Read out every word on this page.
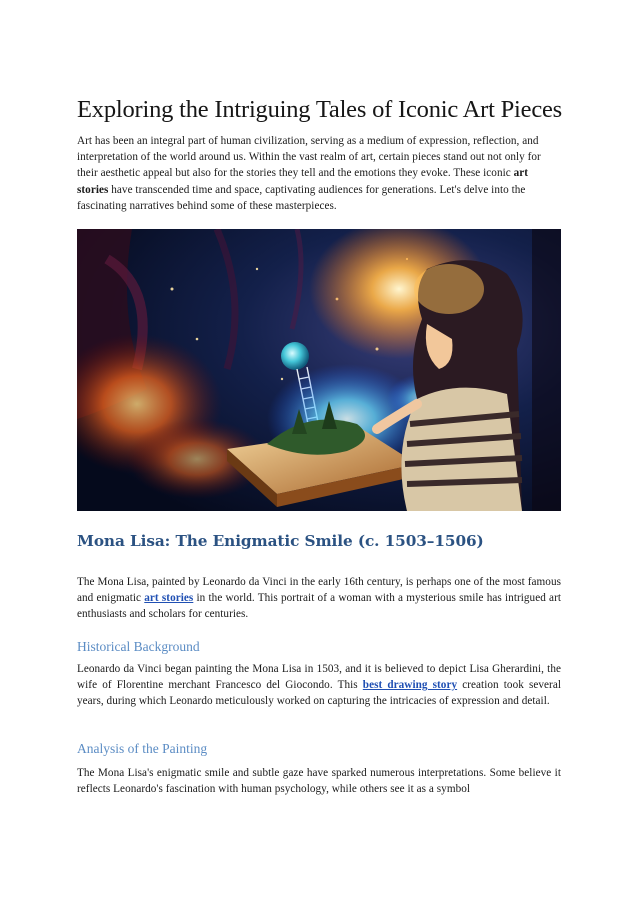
Exploring the Intriguing Tales of Iconic Art Pieces

Art has been an integral part of human civilization, serving as a medium of expression, reflection, and interpretation of the world around us. Within the vast realm of art, certain pieces stand out not only for their aesthetic appeal but also for the stories they tell and the emotions they evoke. These iconic art stories have transcended time and space, captivating audiences for generations. Let's delve into the fascinating narratives behind some of these masterpieces.

Mona Lisa: The Enigmatic Smile (c. 1503–1506)

The Mona Lisa, painted by Leonardo da Vinci in the early 16th century, is perhaps one of the most famous and enigmatic art stories in the world. This portrait of a woman with a mysterious smile has intrigued art enthusiasts and scholars for centuries.

Historical Background

Leonardo da Vinci began painting the Mona Lisa in 1503, and it is believed to depict Lisa Gherardini, the wife of Florentine merchant Francesco del Giocondo. This best drawing story creation took several years, during which Leonardo meticulously worked on capturing the intricacies of expression and detail.

Analysis of the Painting

The Mona Lisa's enigmatic smile and subtle gaze have sparked numerous interpretations. Some believe it reflects Leonardo's fascination with human psychology, while others see it as a symbol
